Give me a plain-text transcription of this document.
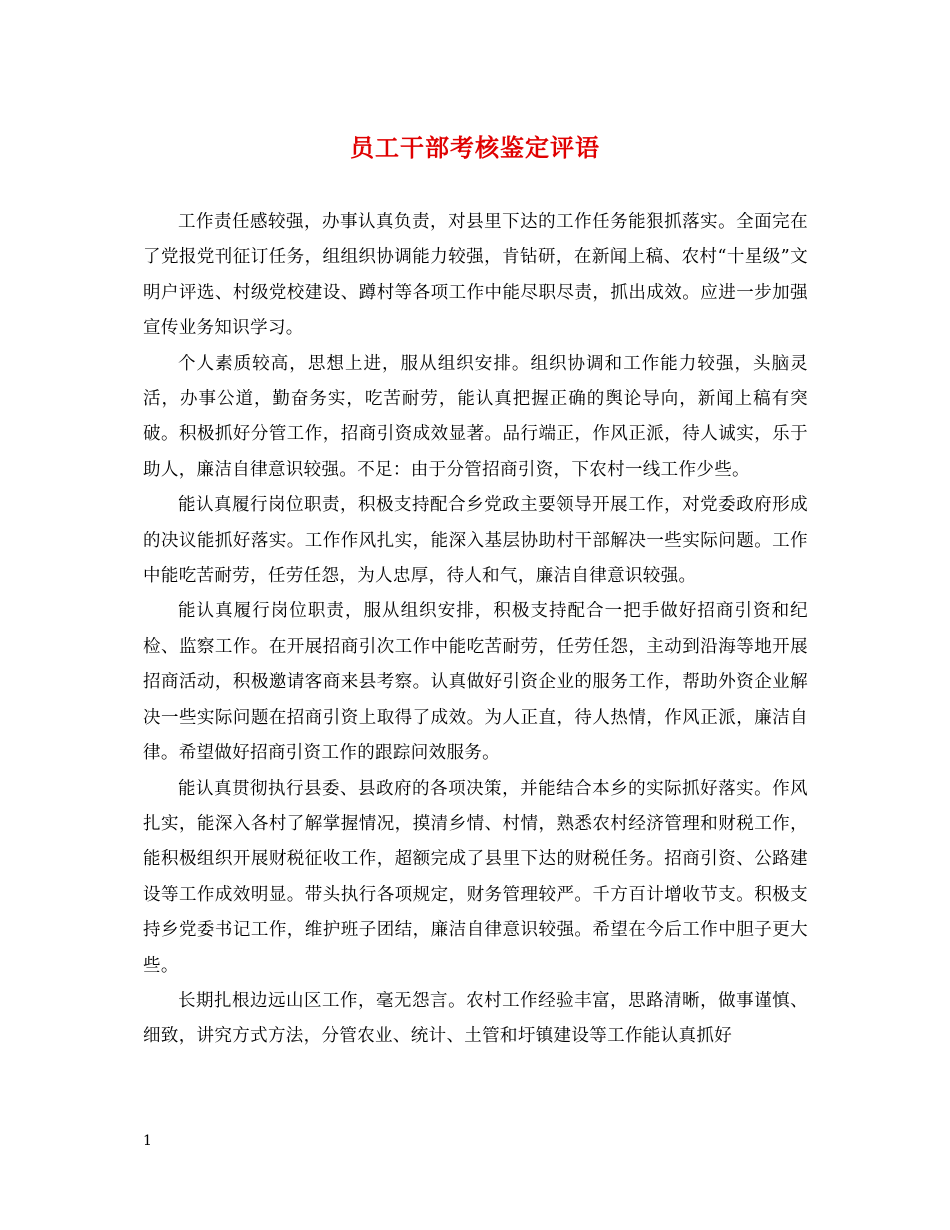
员工干部考核鉴定评语

工作责任感较强，办事认真负责，对县里下达的工作任务能狠抓落实。全面完在了党报党刊征订任务，组组织协调能力较强，肯钻研，在新闻上稿、农村“十星级”文明户评选、村级党校建设、蹲村等各项工作中能尽职尽责，抓出成效。应进一步加强宣传业务知识学习。

个人素质较高，思想上进，服从组织安排。组织协调和工作能力较强，头脑灵活，办事公道，勤奋务实，吃苦耐劳，能认真把握正确的舆论导向，新闻上稿有突破。积极抓好分管工作，招商引资成效显著。品行端正，作风正派，待人诚实，乐于助人，廉洁自律意识较强。不足：由于分管招商引资，下农村一线工作少些。

能认真履行岗位职责，积极支持配合乡党政主要领导开展工作，对党委政府形成的决议能抓好落实。工作作风扎实，能深入基层协助村干部解决一些实际问题。工作中能吃苦耐劳，任劳任怨，为人忠厚，待人和气，廉洁自律意识较强。

能认真履行岗位职责，服从组织安排，积极支持配合一把手做好招商引资和纪检、监察工作。在开展招商引次工作中能吃苦耐劳，任劳任怨，主动到沿海等地开展招商活动，积极邀请客商来县考察。认真做好引资企业的服务工作，帮助外资企业解决一些实际问题在招商引资上取得了成效。为人正直，待人热情，作风正派，廉洁自律。希望做好招商引资工作的跟踪问效服务。

能认真贯彻执行县委、县政府的各项决策，并能结合本乡的实际抓好落实。作风扎实，能深入各村了解掌握情况，摸清乡情、村情，熟悉农村经济管理和财税工作，能积极组织开展财税征收工作，超额完成了县里下达的财税任务。招商引资、公路建设等工作成效明显。带头执行各项规定，财务管理较严。千方百计增收节支。积极支持乡党委书记工作，维护班子团结，廉洁自律意识较强。希望在今后工作中胆子更大些。

长期扎根边远山区工作，毫无怨言。农村工作经验丰富，思路清晰，做事谨慎、细致，讲究方式方法，分管农业、统计、土管和圩镇建设等工作能认真抓好

1
